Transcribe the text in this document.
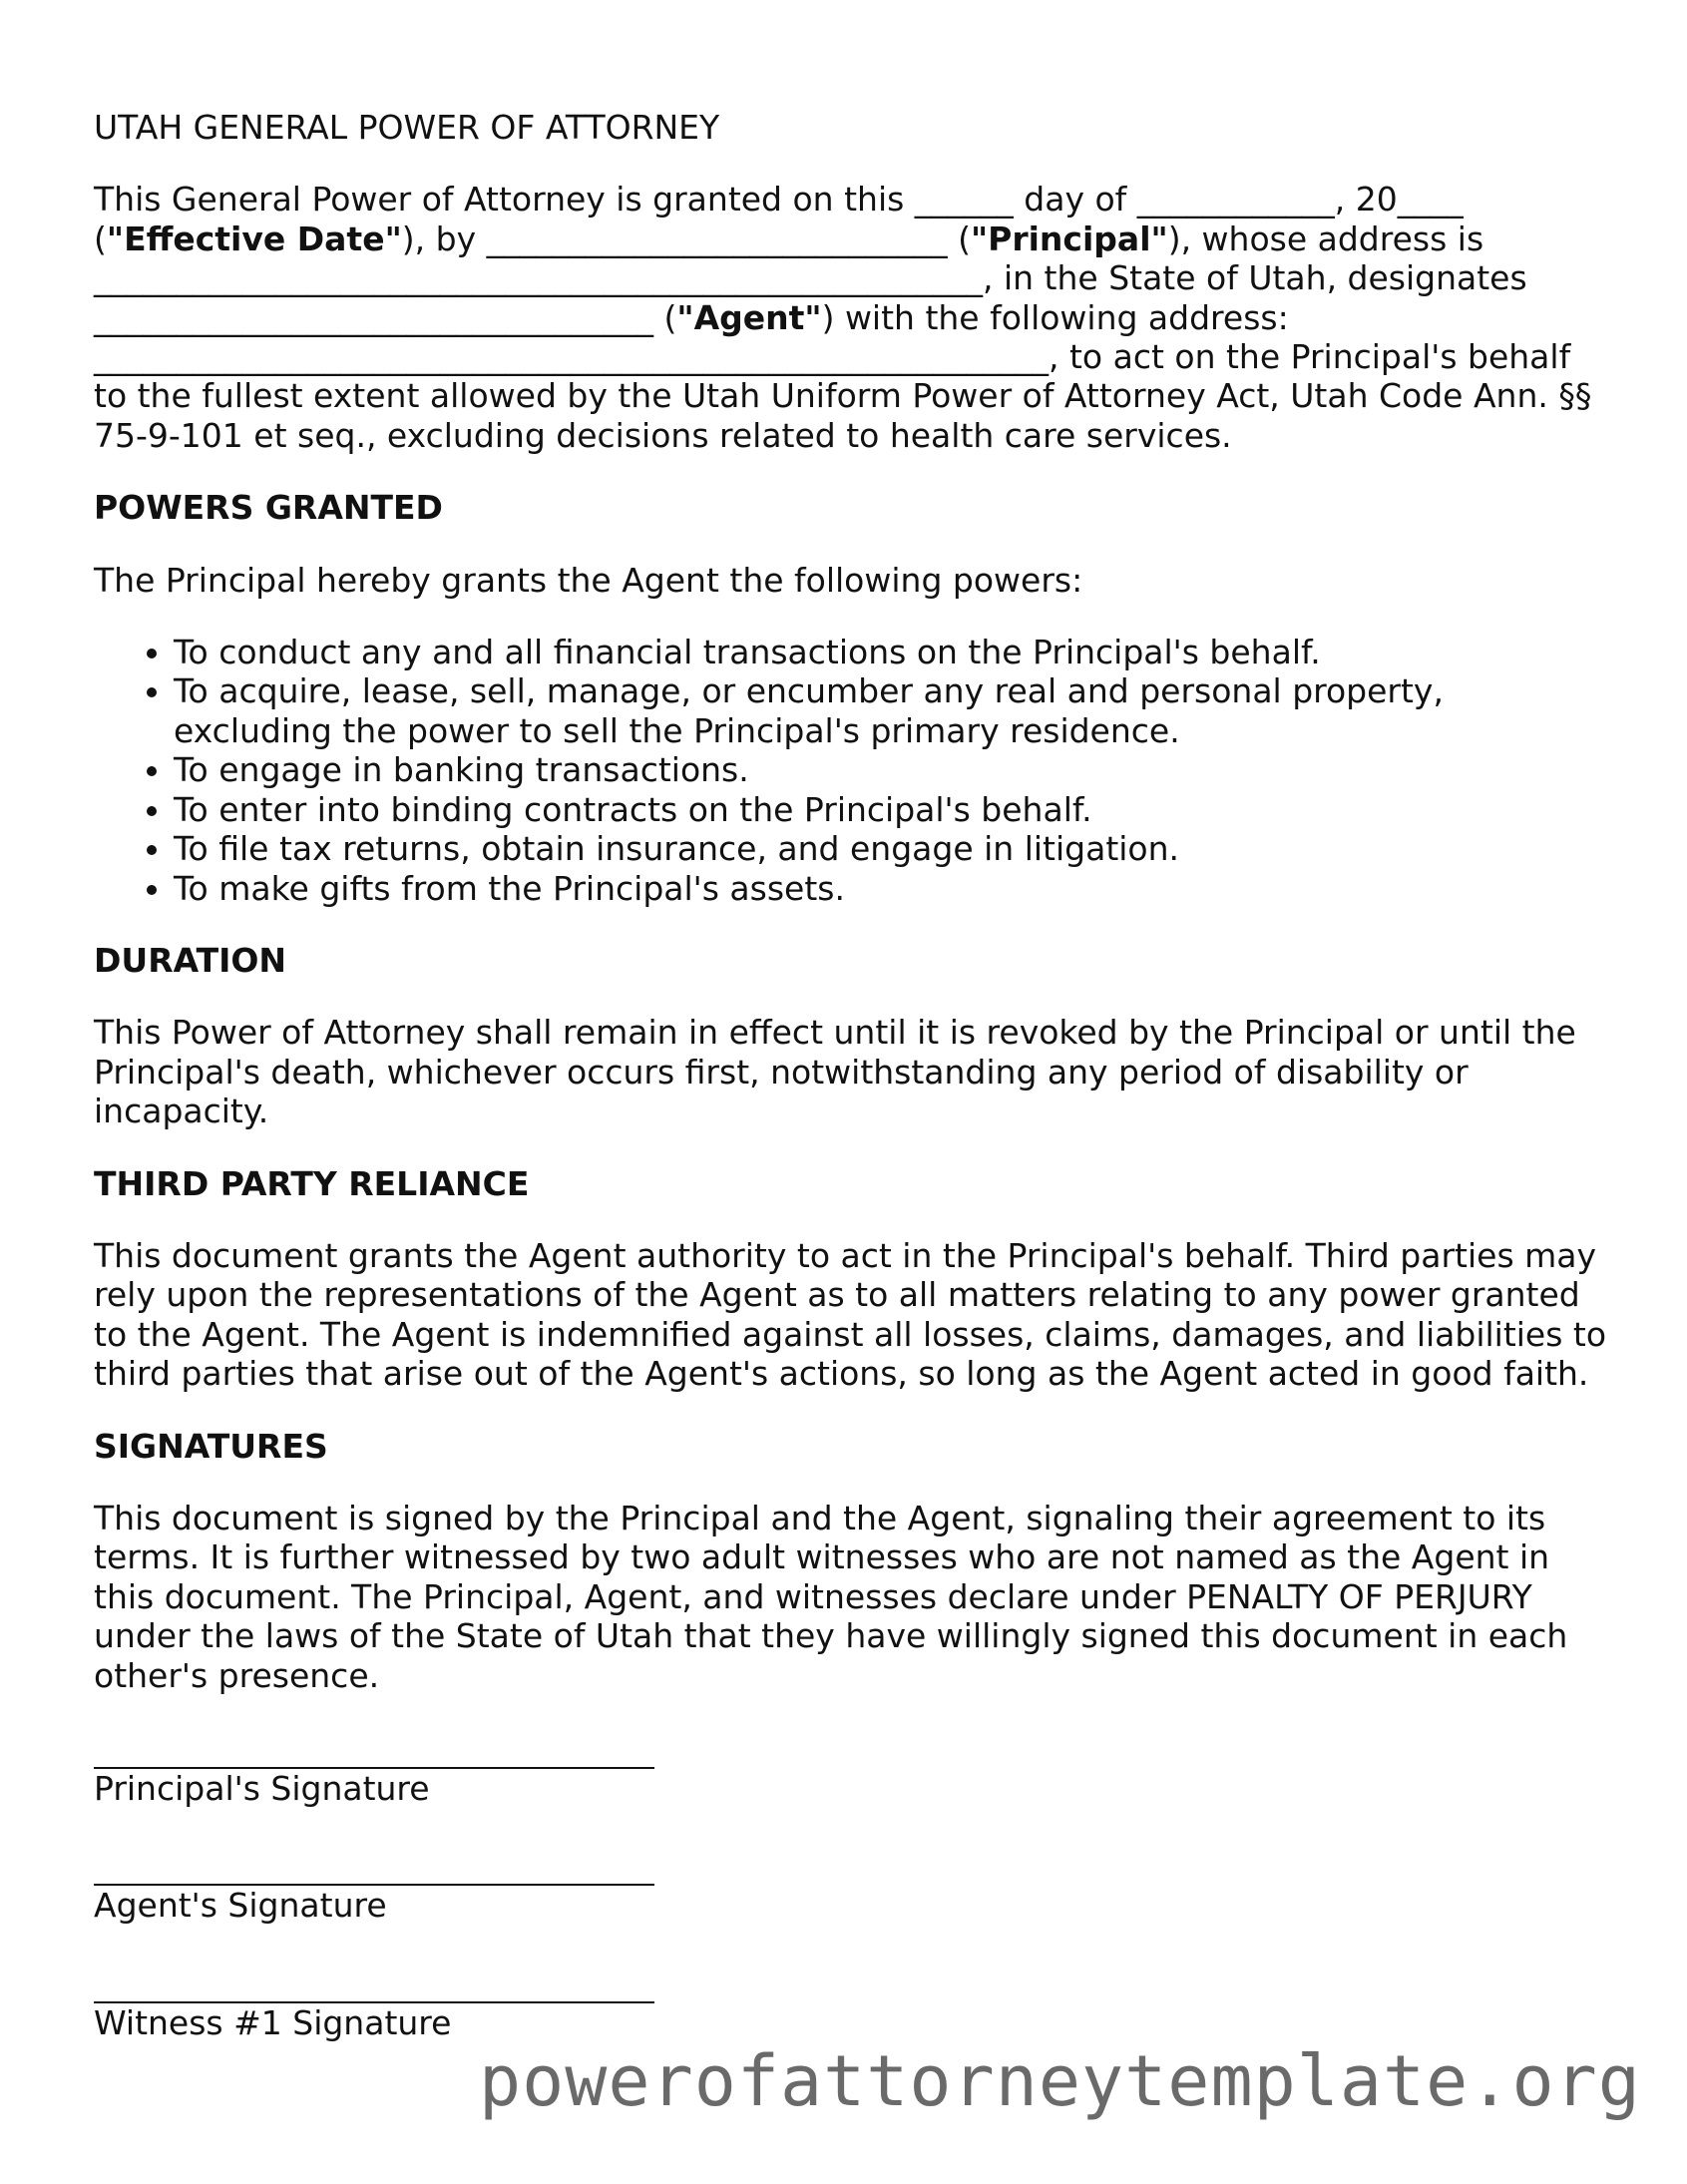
UTAH GENERAL POWER OF ATTORNEY

This General Power of Attorney is granted on this ______ day of ____________, 20____
("Effective Date"), by ____________________________ ("Principal"), whose address is
______________________________________________________, in the State of Utah, designates
__________________________________ ("Agent") with the following address:
__________________________________________________________, to act on the Principal's behalf to the fullest extent allowed by the Utah Uniform Power of Attorney Act, Utah Code Ann. §§ 75-9-101 et seq., excluding decisions related to health care services.

POWERS GRANTED

The Principal hereby grants the Agent the following powers:

• To conduct any and all financial transactions on the Principal's behalf.
• To acquire, lease, sell, manage, or encumber any real and personal property, excluding the power to sell the Principal's primary residence.
• To engage in banking transactions.
• To enter into binding contracts on the Principal's behalf.
• To file tax returns, obtain insurance, and engage in litigation.
• To make gifts from the Principal's assets.
DURATION

This Power of Attorney shall remain in effect until it is revoked by the Principal or until the Principal's death, whichever occurs first, notwithstanding any period of disability or incapacity.

THIRD PARTY RELIANCE

This document grants the Agent authority to act in the Principal's behalf. Third parties may rely upon the representations of the Agent as to all matters relating to any power granted to the Agent. The Agent is indemnified against all losses, claims, damages, and liabilities to third parties that arise out of the Agent's actions, so long as the Agent acted in good faith.

SIGNATURES

This document is signed by the Principal and the Agent, signaling their agreement to its terms. It is further witnessed by two adult witnesses who are not named as the Agent in this document. The Principal, Agent, and witnesses declare under PENALTY OF PERJURY under the laws of the State of Utah that they have willingly signed this document in each other's presence.

Principal's Signature
Agent's Signature
Witness #1 Signature
powerofattorneytemplate.org
